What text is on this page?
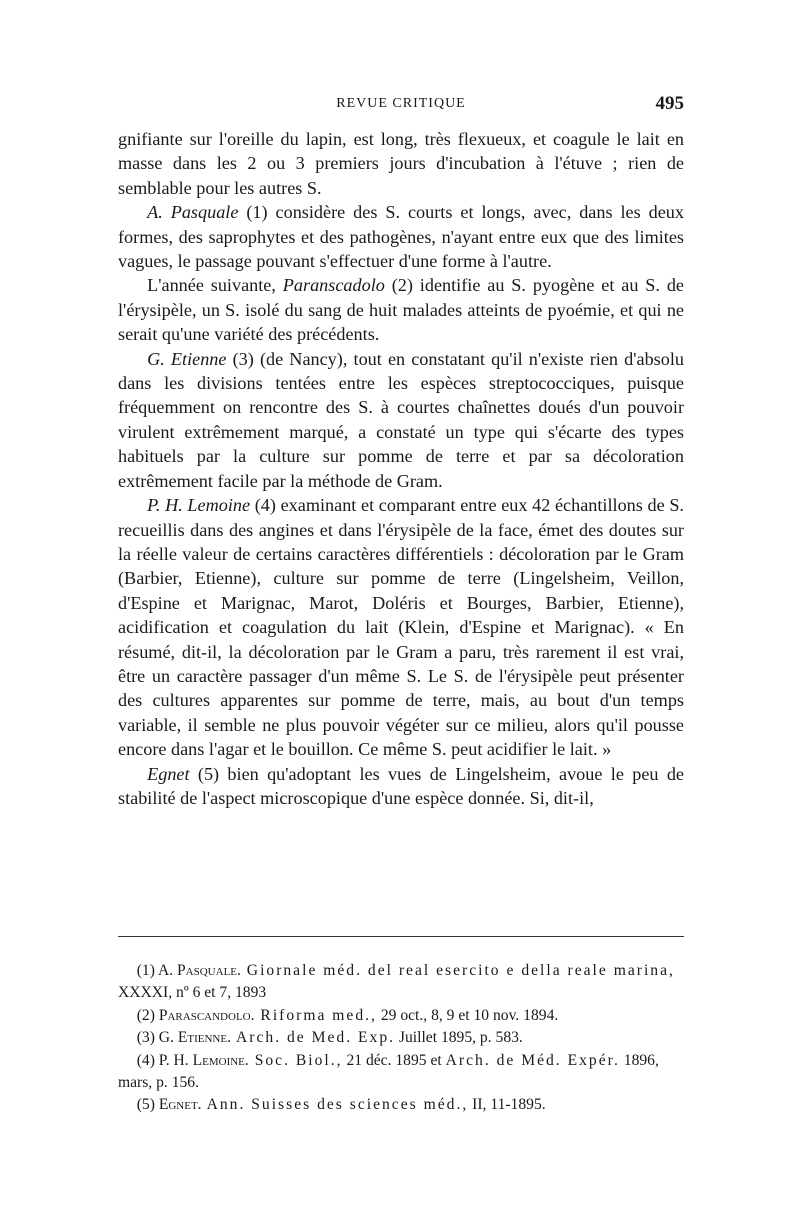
REVUE CRITIQUE	495

gnifiante sur l'oreille du lapin, est long, très flexueux, et coagule le lait en masse dans les 2 ou 3 premiers jours d'incubation à l'étuve ; rien de semblable pour les autres S.

A. Pasquale (1) considère des S. courts et longs, avec, dans les deux formes, des saprophytes et des pathogènes, n'ayant entre eux que des limites vagues, le passage pouvant s'effectuer d'une forme à l'autre.

L'année suivante, Paranscadolo (2) identifie au S. pyogène et au S. de l'érysipèle, un S. isolé du sang de huit malades atteints de pyoémie, et qui ne serait qu'une variété des précédents.

G. Etienne (3) (de Nancy), tout en constatant qu'il n'existe rien d'absolu dans les divisions tentées entre les espèces streptococciques, puisque fréquemment on rencontre des S. à courtes chaînettes doués d'un pouvoir virulent extrêmement marqué, a constaté un type qui s'écarte des types habituels par la culture sur pomme de terre et par sa décoloration extrêmement facile par la méthode de Gram.

P. H. Lemoine (4) examinant et comparant entre eux 42 échantillons de S. recueillis dans des angines et dans l'érysipèle de la face, émet des doutes sur la réelle valeur de certains caractères différentiels : décoloration par le Gram (Barbier, Etienne), culture sur pomme de terre (Lingelsheim, Veillon, d'Espine et Marignac, Marot, Doléris et Bourges, Barbier, Etienne), acidification et coagulation du lait (Klein, d'Espine et Marignac). « En résumé, dit-il, la décoloration par le Gram a paru, très rarement il est vrai, être un caractère passager d'un même S. Le S. de l'érysipèle peut présenter des cultures apparentes sur pomme de terre, mais, au bout d'un temps variable, il semble ne plus pouvoir végéter sur ce milieu, alors qu'il pousse encore dans l'agar et le bouillon. Ce même S. peut acidifier le lait. »

Egnet (5) bien qu'adoptant les vues de Lingelsheim, avoue le peu de stabilité de l'aspect microscopique d'une espèce donnée. Si, dit-il,

(1) A. Pasquale. Giornale méd. del real esercito e della reale marina, XXXXI, nº 6 et 7, 1893

(2) Parascandolo. Riforma med., 29 oct., 8, 9 et 10 nov. 1894.

(3) G. Etienne. Arch. de Med. Exp. Juillet 1895, p. 583.

(4) P. H. Lemoine. Soc. Biol., 21 déc. 1895 et Arch. de Méd. Expér. 1896, mars, p. 156.

(5) Egnet. Ann. Suisses des sciences méd., II, 11-1895.
